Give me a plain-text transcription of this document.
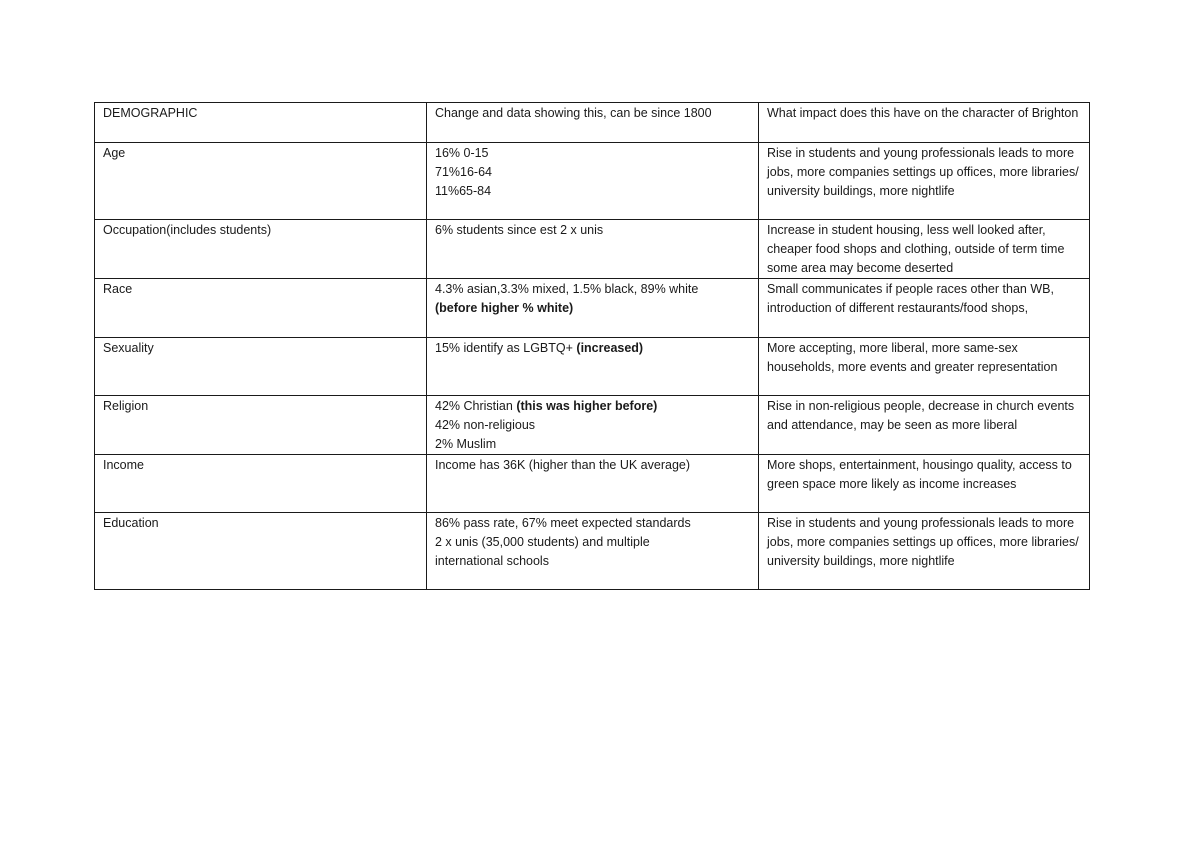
DEMOGRAPHIC	Change and data showing this, can be since 1800	What impact does this have on the character of Brighton

Age	16% 0-15
71%16-64
11%65-84	Rise in students and young professionals leads to more jobs, more companies settings up offices, more libraries/ university buildings, more nightlife

Occupation(includes students)	6% students since est 2 x unis	Increase in student housing, less well looked after, cheaper food shops and clothing, outside of term time some area may become deserted

Race	4.3% asian,3.3% mixed, 1.5% black, 89% white
(before higher % white)	Small communicates if people races other than WB, introduction of different restaurants/food shops,

Sexuality	15% identify as LGBTQ+ (increased)	More accepting, more liberal, more same-sex households, more events and greater representation

Religion	42% Christian (this was higher before)
42% non-religious
2% Muslim	Rise in non-religious people, decrease in church events and attendance, may be seen as more liberal

Income	Income has 36K (higher than the UK average)	More shops, entertainment, housingo quality, access to green space more likely as income increases

Education	86% pass rate, 67% meet expected standards
2 x unis (35,000 students) and multiple
international schools	Rise in students and young professionals leads to more jobs, more companies settings up offices, more libraries/ university buildings, more nightlife
